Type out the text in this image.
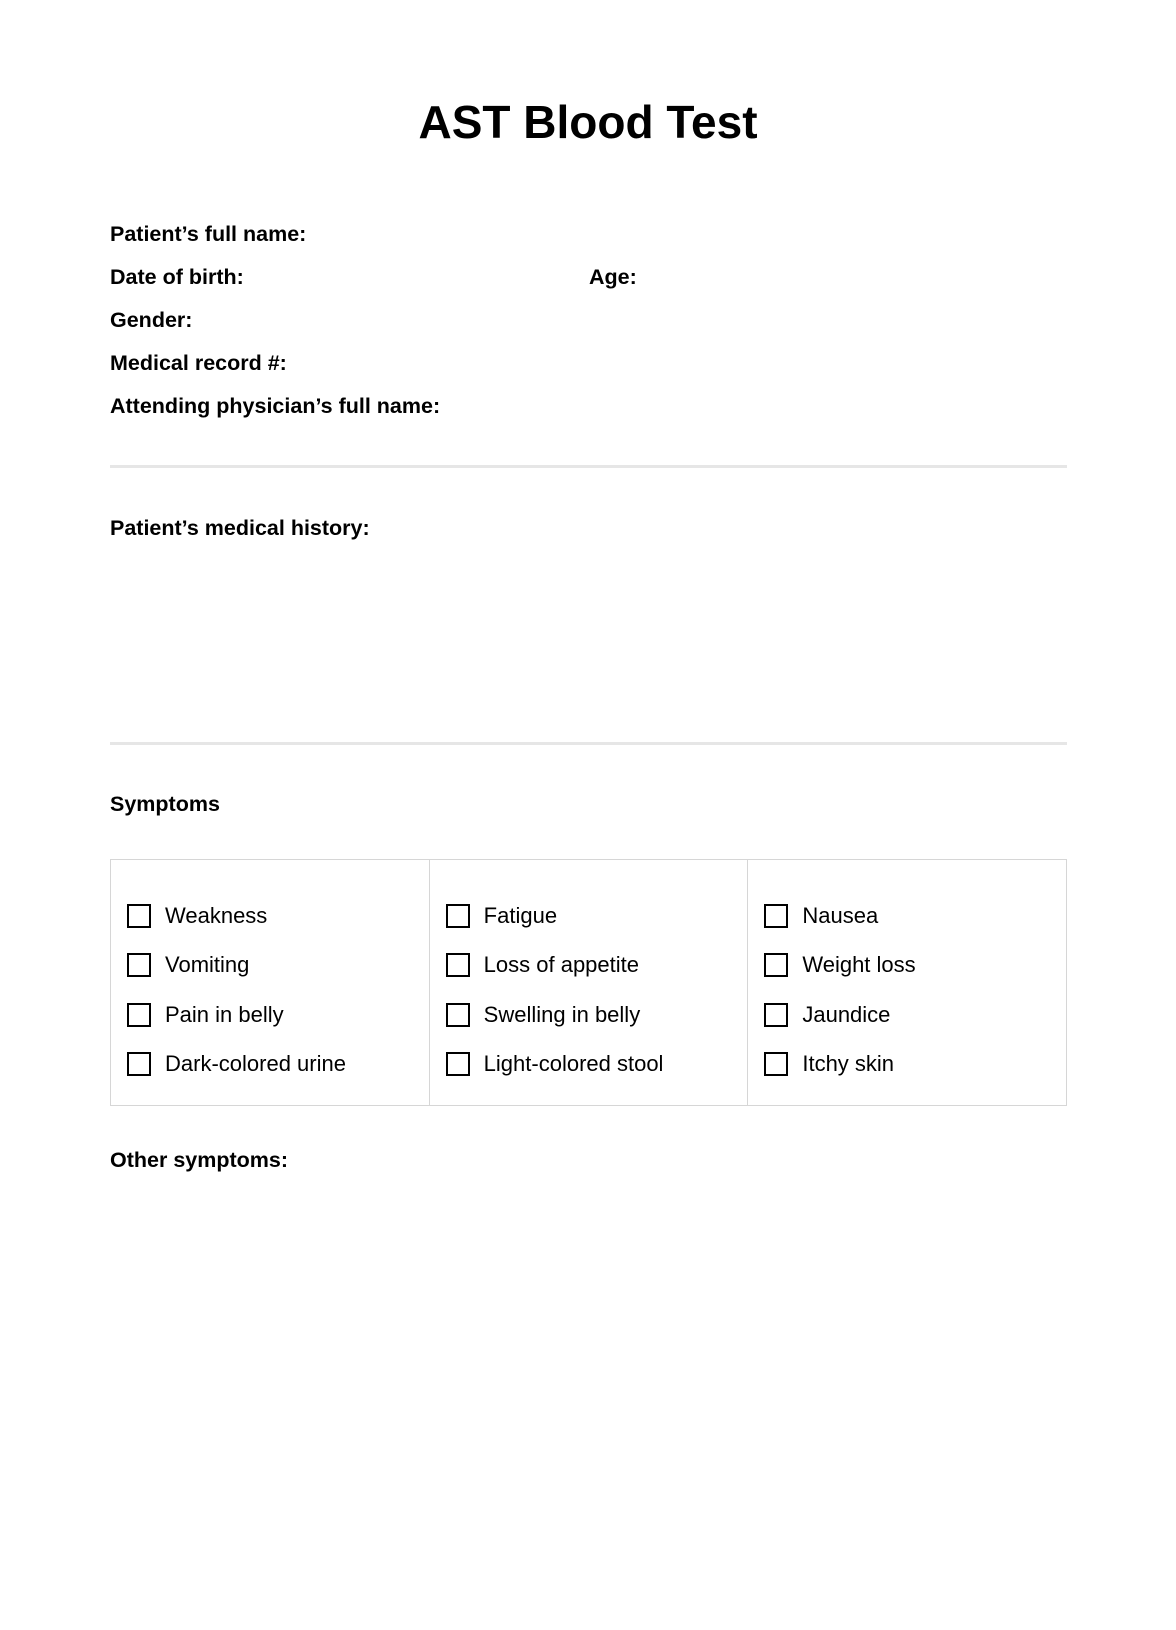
AST Blood Test
Patient’s full name:
Date of birth:	Age:
Gender:
Medical record #:
Attending physician’s full name:
Patient’s medical history:
Symptoms
Weakness
Vomiting
Pain in belly
Dark-colored urine
Fatigue
Loss of appetite
Swelling in belly
Light-colored stool
Nausea
Weight loss
Jaundice
Itchy skin
Other symptoms:
